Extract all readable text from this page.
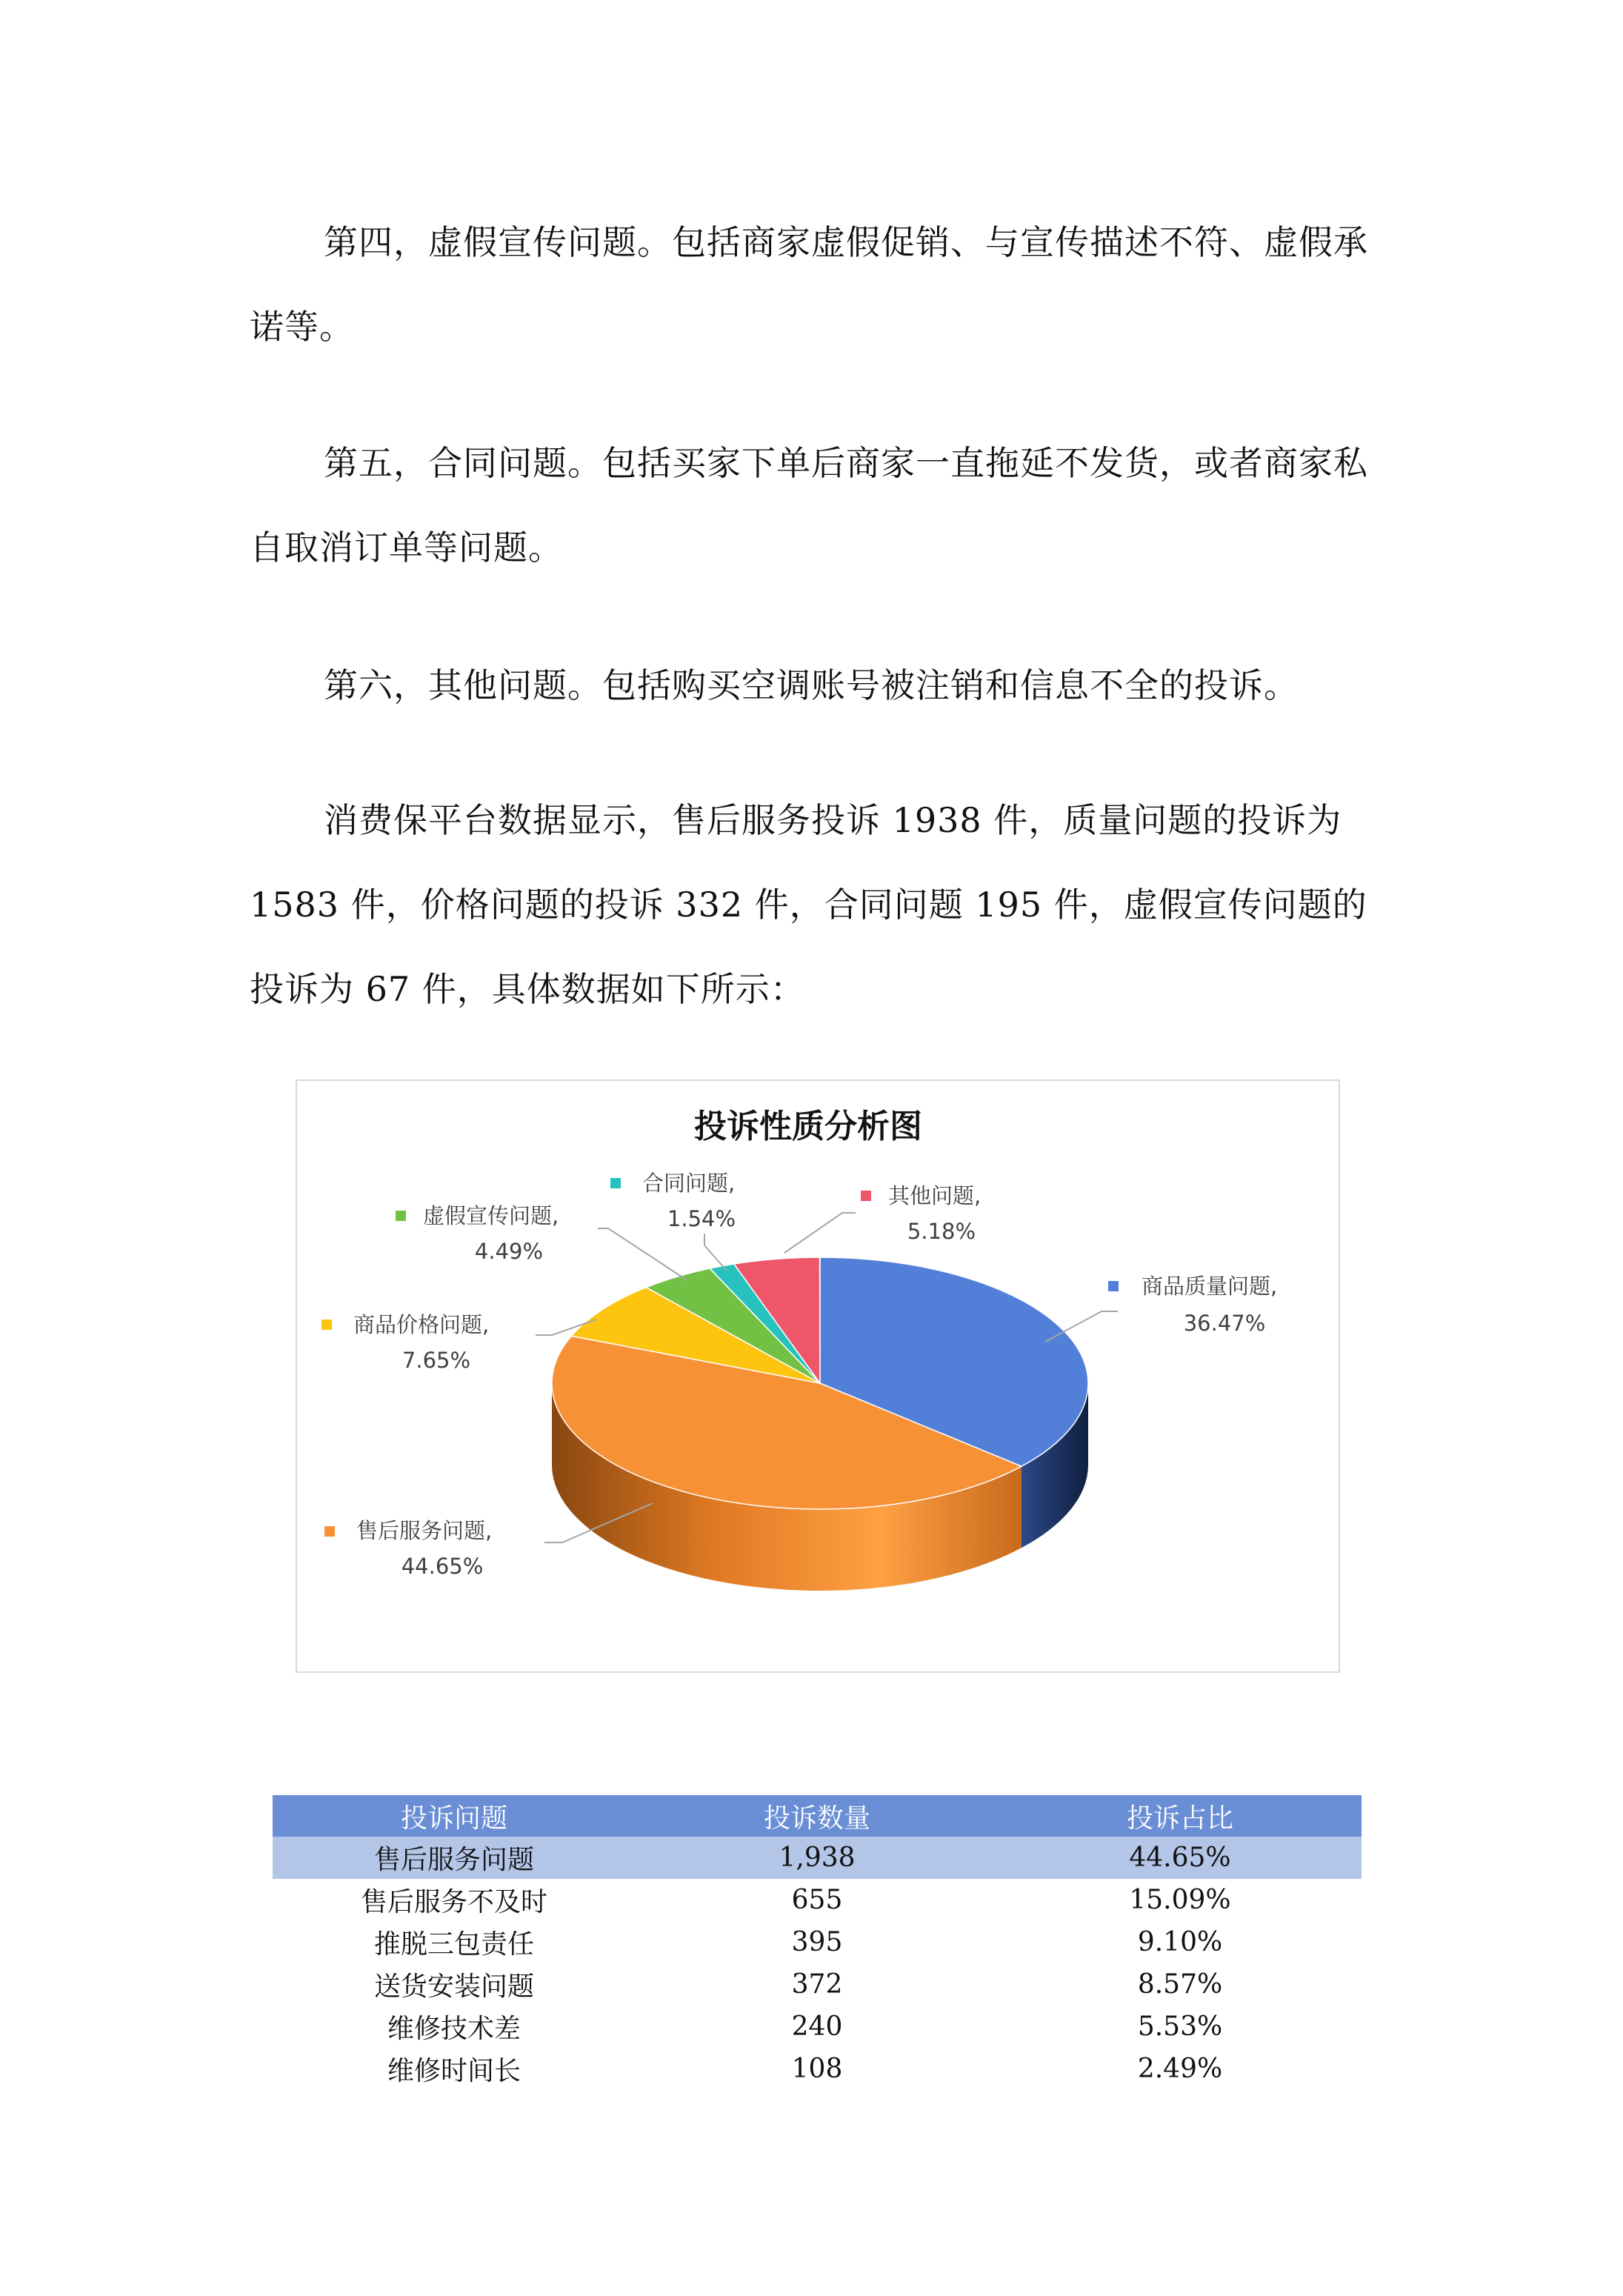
第四，虚假宣传问题。包括商家虚假促销、与宣传描述不符、虚假承诺等。

第五，合同问题。包括买家下单后商家一直拖延不发货，或者商家私自取消订单等问题。

第六，其他问题。包括购买空调账号被注销和信息不全的投诉。

消费保平台数据显示，售后服务投诉 1938 件，质量问题的投诉为 1583 件，价格问题的投诉 332 件，合同问题 195 件，虚假宣传问题的投诉为 67 件，具体数据如下所示：

投诉性质分析图
商品质量问题,
36.47%
售后服务问题,
44.65%
商品价格问题,
7.65%
虚假宣传问题,
4.49%
合同问题,
1.54%
其他问题,
5.18%
投诉问题	投诉数量	投诉占比
售后服务问题	1,938	44.65%
售后服务不及时	655	15.09%
推脱三包责任	395	9.10%
送货安装问题	372	8.57%
维修技术差	240	5.53%
维修时间长	108	2.49%
